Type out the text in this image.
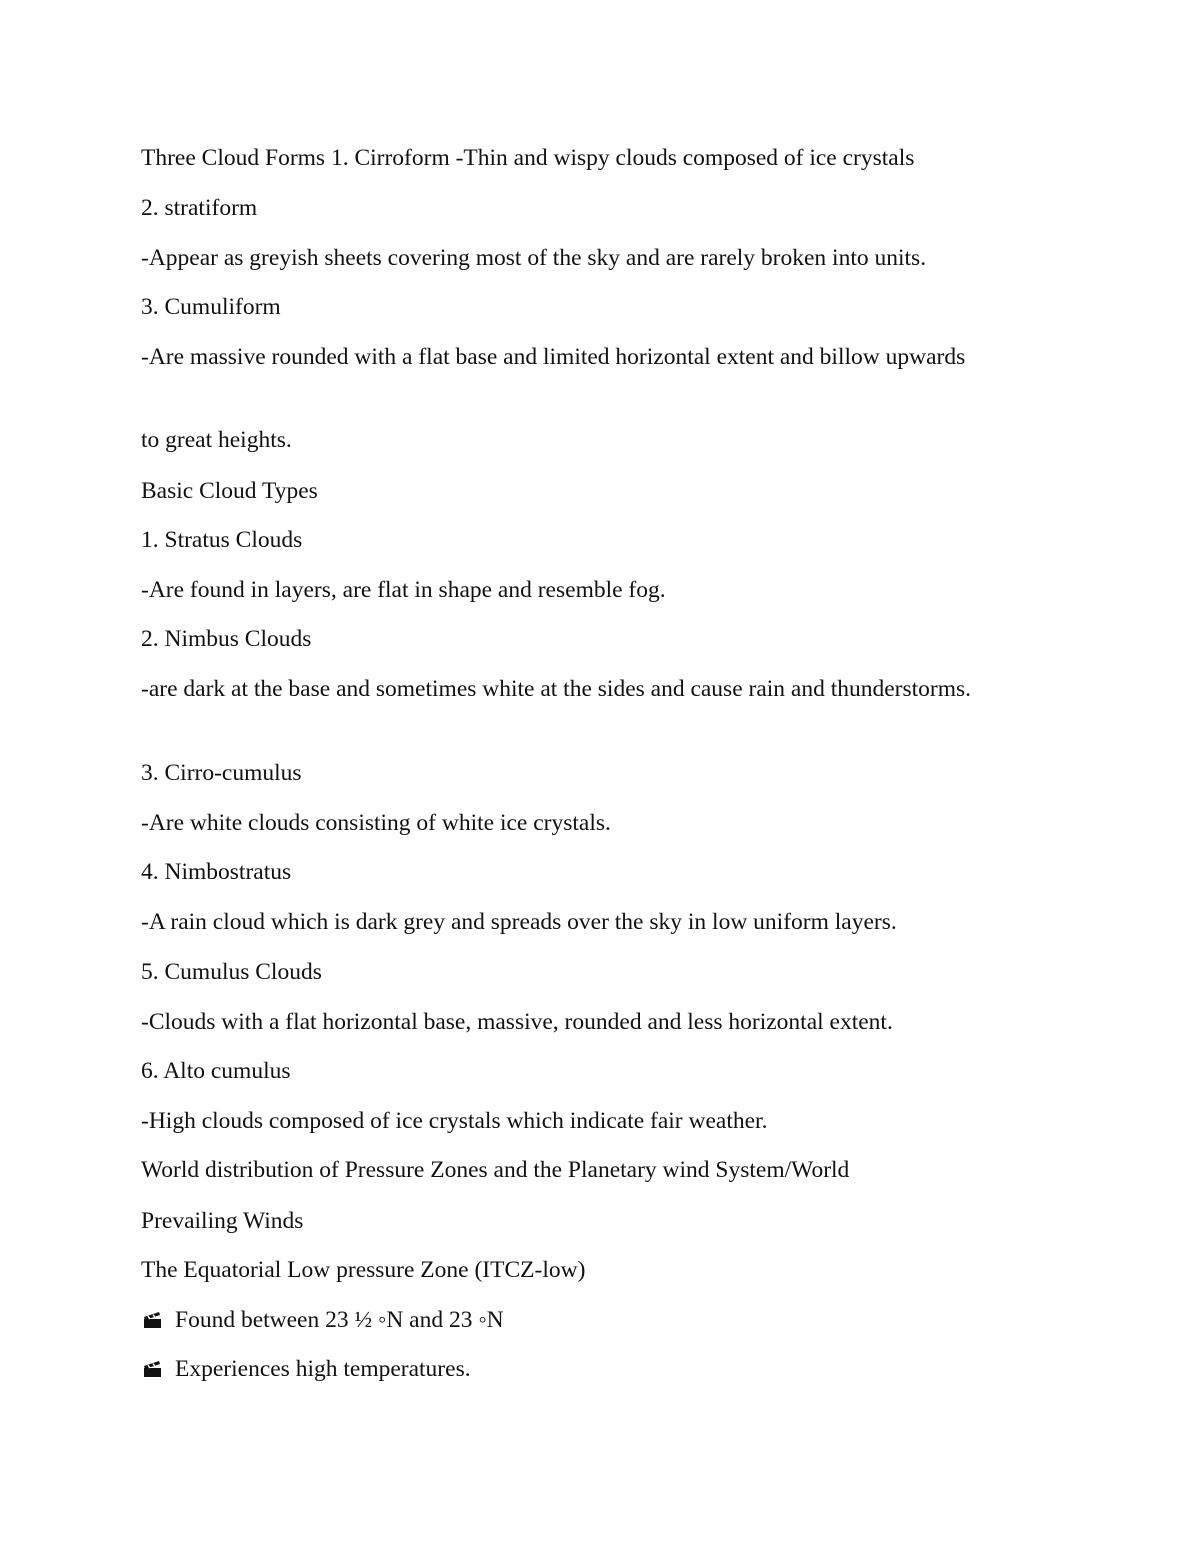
Three Cloud Forms 1. Cirroform -Thin and wispy clouds composed of ice crystals
2. stratiform
-Appear as greyish sheets covering most of the sky and are rarely broken into units.
3. Cumuliform
-Are massive rounded with a flat base and limited horizontal extent and billow upwards
to great heights.
Basic Cloud Types
1. Stratus Clouds
-Are found in layers, are flat in shape and resemble fog.
2. Nimbus Clouds
-are dark at the base and sometimes white at the sides and cause rain and thunderstorms.
3. Cirro-cumulus
-Are white clouds consisting of white ice crystals.
4. Nimbostratus
-A rain cloud which is dark grey and spreads over the sky in low uniform layers.
5. Cumulus Clouds
-Clouds with a flat horizontal base, massive, rounded and less horizontal extent.
6. Alto cumulus
-High clouds composed of ice crystals which indicate fair weather.
World distribution of Pressure Zones and the Planetary wind System/World
Prevailing Winds
The Equatorial Low pressure Zone (ITCZ-low)
Found between 23 ½ ◦N and 23 ◦N
Experiences high temperatures.
